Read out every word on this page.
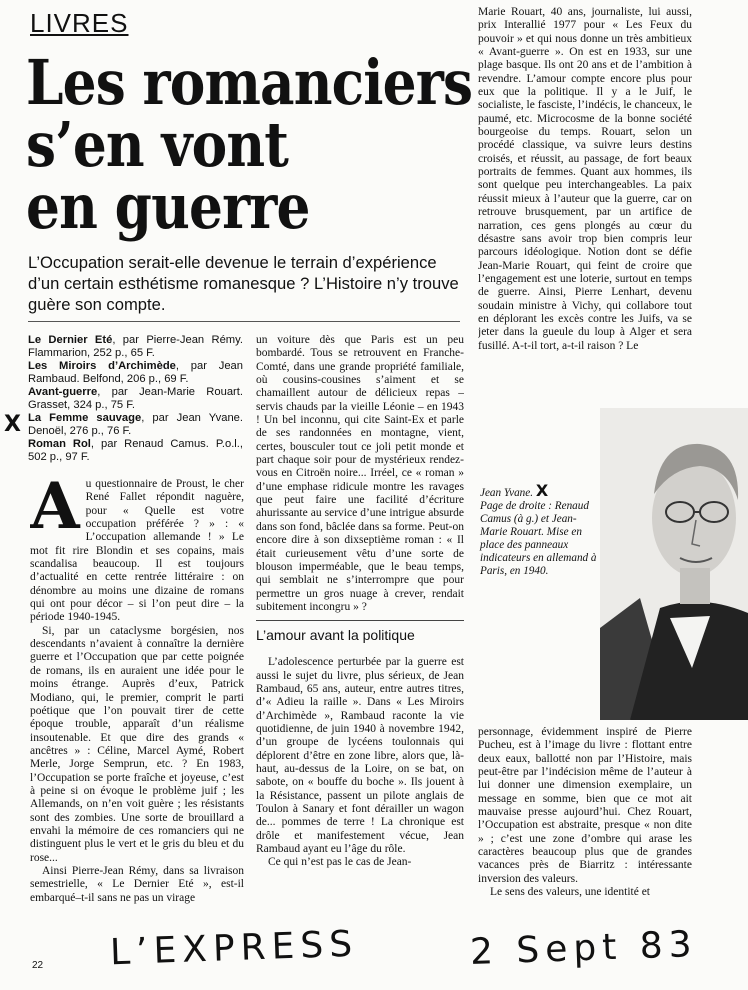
LIVRES
Les romanciers
s’en vont
en guerre
L’Occupation serait-elle devenue le terrain d’expérience d’un certain esthétisme romanesque ? L’Histoire n’y trouve guère son compte.
Le Dernier Eté, par Pierre-Jean Rémy. Flammarion, 252 p., 65 F.
Les Miroirs d’Archimède, par Jean Rambaud. Belfond, 206 p., 69 F.
Avant-guerre, par Jean-Marie Rouart. Grasset, 324 p., 75 F.
La Femme sauvage, par Jean Yvane. Denoël, 276 p., 76 F.
Roman Rol, par Renaud Camus. P.o.l., 502 p., 97 F.
X

Au questionnaire de Proust, le cher René Fallet répondit naguère, pour « Quelle est votre occupation préférée ? » : « L’occupation allemande ! » Le mot fit rire Blondin et ses copains, mais scandalisa beaucoup. Il est toujours d’actualité en cette rentrée littéraire : on dénombre au moins une dizaine de romans qui ont pour décor – si l’on peut dire – la période 1940-1945.

Si, par un cataclysme borgésien, nos descendants n’avaient à connaître la dernière guerre et l’Occupation que par cette poignée de romans, ils en auraient une idée pour le moins étrange. Auprès d’eux, Patrick Modiano, qui, le premier, comprit le parti poétique que l’on pouvait tirer de cette époque trouble, apparaît d’un réalisme insoutenable. Et que dire des grands « ancêtres » : Céline, Marcel Aymé, Robert Merle, Jorge Semprun, etc. ? En 1983, l’Occupation se porte fraîche et joyeuse, c’est à peine si on évoque le problème juif ; les Allemands, on n’en voit guère ; les résistants sont des zombies. Une sorte de brouillard a envahi la mémoire de ces romanciers qui ne distinguent plus le vert et le gris du bleu et du rose...

Ainsi Pierre-Jean Rémy, dans sa livraison semestrielle, « Le Dernier Eté », est-il embarqué–t-il sans ne pas un virage

un voiture dès que Paris est un peu bombardé. Tous se retrouvent en Franche-Comté, dans une grande propriété familiale, où cousins-cousines s’aiment et se chamaillent autour de délicieux repas – servis chauds par la vieille Léonie – en 1943 ! Un bel inconnu, qui cite Saint-Ex et parle de ses randonnées en montagne, vient, certes, bousculer tout ce joli petit monde et part chaque soir pour de mystérieux rendez-vous en Citroën noire... Irréel, ce « roman » d’une emphase ridicule montre les ravages que peut faire une facilité d’écriture ahurissante au service d’une intrigue absurde dans son fond, bâclée dans sa forme. Peut-on encore dire à son dixseptième roman : « Il était curieusement vêtu d’une sorte de blouson imperméable, que le beau temps, qui semblait ne s’interrompre que pour permettre un gros nuage à crever, rendait subitement incongru » ?

L’amour avant la politique

L’adolescence perturbée par la guerre est aussi le sujet du livre, plus sérieux, de Jean Rambaud, 65 ans, auteur, entre autres titres, d’« Adieu la raille ». Dans « Les Miroirs d’Archimède », Rambaud raconte la vie quotidienne, de juin 1940 à novembre 1942, d’un groupe de lycéens toulonnais qui déplorent d’être en zone libre, alors que, là-haut, au-dessus de la Loire, on se bat, on sabote, on « bouffe du boche ». Ils jouent à la Résistance, passent un pilote anglais de Toulon à Sanary et font dérailler un wagon de... pommes de terre ! La chronique est drôle et manifestement vécue, Jean Rambaud ayant eu l’âge du rôle.

Ce qui n’est pas le cas de Jean-

Marie Rouart, 40 ans, journaliste, lui aussi, prix Interallié 1977 pour « Les Feux du pouvoir » et qui nous donne un très ambitieux « Avant-guerre ». On est en 1933, sur une plage basque. Ils ont 20 ans et de l’ambition à revendre. L’amour compte encore plus pour eux que la politique. Il y a le Juif, le socialiste, le fasciste, l’indécis, le chanceux, le paumé, etc. Microcosme de la bonne société bourgeoise du temps. Rouart, selon un procédé classique, va suivre leurs destins croisés, et réussit, au passage, de fort beaux portraits de femmes. Quant aux hommes, ils sont quelque peu interchangeables. La paix réussit mieux à l’auteur que la guerre, car on retrouve brusquement, par un artifice de narration, ces gens plongés au cœur du désastre sans avoir trop bien compris leur parcours idéologique. Notion dont se défie Jean-Marie Rouart, qui feint de croire que l’engagement est une loterie, surtout en temps de guerre. Ainsi, Pierre Lenhart, devenu soudain ministre à Vichy, qui collabore tout en déplorant les excès contre les Juifs, va se jeter dans la gueule du loup à Alger et sera fusillé. A-t-il tort, a-t-il raison ? Le

Jean Yvane. X
Page de droite : Renaud Camus (à g.) et Jean-Marie Rouart. Mise en place des panneaux indicateurs en allemand à Paris, en 1940.

personnage, évidemment inspiré de Pierre Pucheu, est à l’image du livre : flottant entre deux eaux, ballotté non par l’Histoire, mais peut-être par l’indécision même de l’auteur à lui donner une dimension exemplaire, un message en somme, bien que ce mot ait mauvaise presse aujourd’hui. Chez Rouart, l’Occupation est abstraite, presque « non dite » ; c’est une zone d’ombre qui arase les caractères beaucoup plus que de grandes vacances près de Biarritz : intéressante inversion des valeurs.

Le sens des valeurs, une identité et

22 L’EXPRESS	2 Sept 83
